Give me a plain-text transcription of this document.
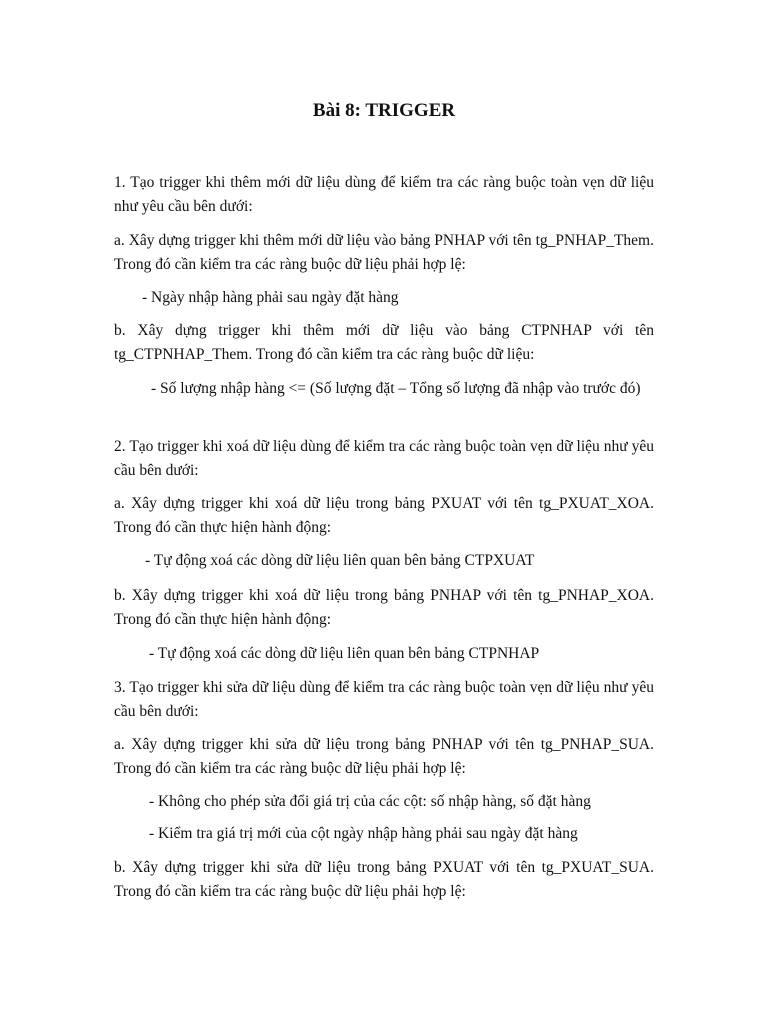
Bài 8: TRIGGER
1. Tạo trigger khi thêm mới dữ liệu dùng để kiểm tra các ràng buộc toàn vẹn dữ liệu như yêu cầu bên dưới:
a. Xây dựng trigger khi thêm mới dữ liệu vào bảng PNHAP với tên tg_PNHAP_Them. Trong đó cần kiểm tra các ràng buộc dữ liệu phải hợp lệ:
- Ngày nhập hàng phải sau ngày đặt hàng
b. Xây dựng trigger khi thêm mới dữ liệu vào bảng CTPNHAP với tên tg_CTPNHAP_Them. Trong đó cần kiểm tra các ràng buộc dữ liệu:
- Số lượng nhập hàng <= (Số lượng đặt – Tổng số lượng đã nhập vào trước đó)
2. Tạo trigger khi xoá dữ liệu dùng để kiểm tra các ràng buộc toàn vẹn dữ liệu như yêu cầu bên dưới:
a. Xây dựng trigger khi xoá dữ liệu trong bảng PXUAT với tên tg_PXUAT_XOA. Trong đó cần thực hiện hành động:
- Tự động xoá các dòng dữ liệu liên quan bên bảng CTPXUAT
b. Xây dựng trigger khi xoá dữ liệu trong bảng PNHAP với tên tg_PNHAP_XOA. Trong đó cần thực hiện hành động:
- Tự động xoá các dòng dữ liệu liên quan bên bảng CTPNHAP
3. Tạo trigger khi sửa dữ liệu dùng để kiểm tra các ràng buộc toàn vẹn dữ liệu như yêu cầu bên dưới:
a. Xây dựng trigger khi sửa dữ liệu trong bảng PNHAP với tên tg_PNHAP_SUA. Trong đó cần kiểm tra các ràng buộc dữ liệu phải hợp lệ:
- Không cho phép sửa đổi giá trị của các cột: số nhập hàng, số đặt hàng
- Kiểm tra giá trị mới của cột ngày nhập hàng phải sau ngày đặt hàng
b. Xây dựng trigger khi sửa dữ liệu trong bảng PXUAT với tên tg_PXUAT_SUA. Trong đó cần kiểm tra các ràng buộc dữ liệu phải hợp lệ:
